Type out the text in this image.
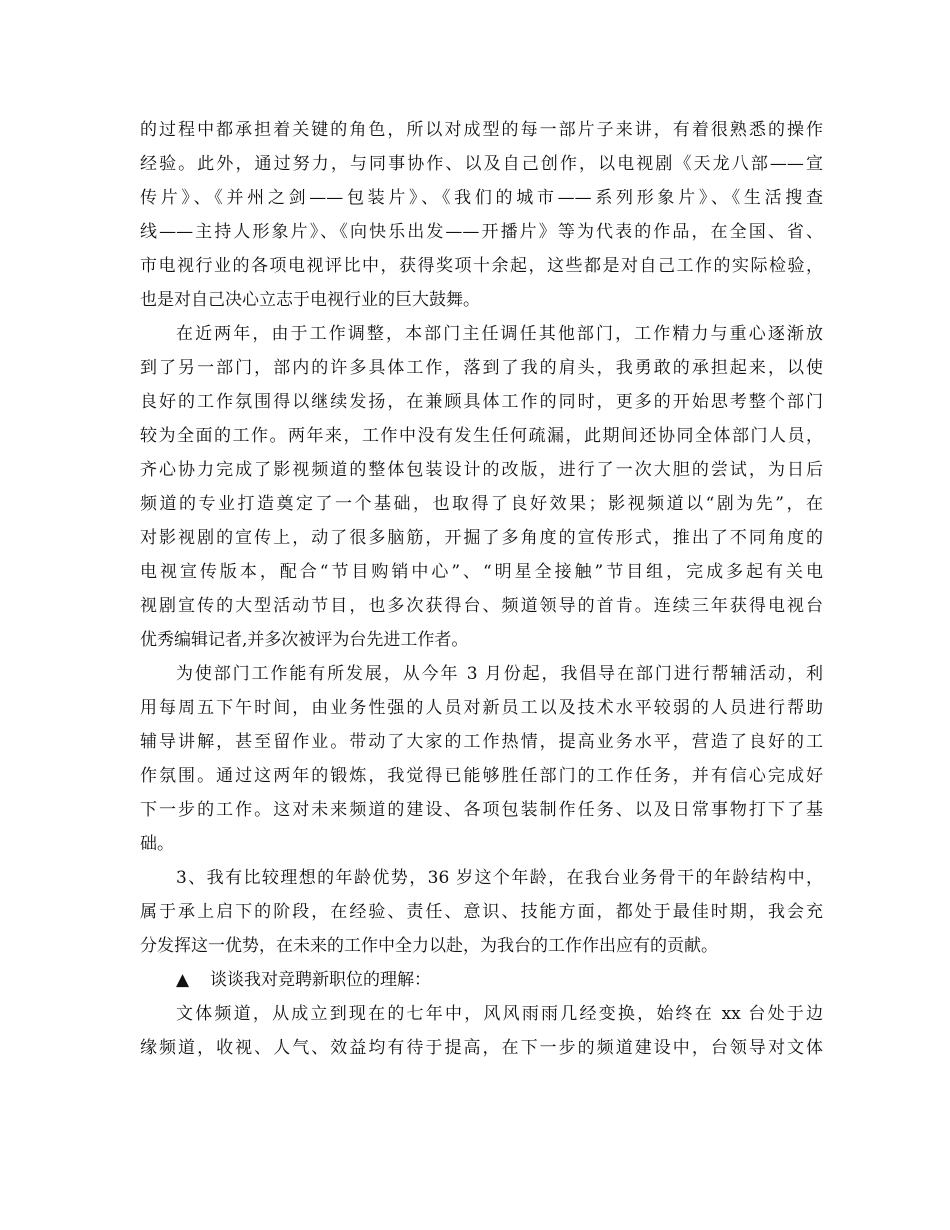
的过程中都承担着关键的角色，所以对成型的每一部片子来讲，有着很熟悉的操作
经验。此外，通过努力，与同事协作、以及自己创作，以电视剧《天龙八部——宣
传片》、《并州之剑——包装片》、《我们的城市——系列形象片》、《生活搜查
线——主持人形象片》、《向快乐出发——开播片》等为代表的作品，在全国、省、
市电视行业的各项电视评比中，获得奖项十余起，这些都是对自己工作的实际检验，
也是对自己决心立志于电视行业的巨大鼓舞。
在近两年，由于工作调整，本部门主任调任其他部门，工作精力与重心逐渐放
到了另一部门，部内的许多具体工作，落到了我的肩头，我勇敢的承担起来，以使
良好的工作氛围得以继续发扬，在兼顾具体工作的同时，更多的开始思考整个部门
较为全面的工作。两年来，工作中没有发生任何疏漏，此期间还协同全体部门人员，
齐心协力完成了影视频道的整体包装设计的改版，进行了一次大胆的尝试，为日后
频道的专业打造奠定了一个基础，也取得了良好效果；影视频道以“剧为先”，在
对影视剧的宣传上，动了很多脑筋，开掘了多角度的宣传形式，推出了不同角度的
电视宣传版本，配合“节目购销中心”、“明星全接触”节目组，完成多起有关电
视剧宣传的大型活动节目，也多次获得台、频道领导的首肯。连续三年获得电视台
优秀编辑记者,并多次被评为台先进工作者。
为使部门工作能有所发展，从今年 3 月份起，我倡导在部门进行帮辅活动，利
用每周五下午时间，由业务性强的人员对新员工以及技术水平较弱的人员进行帮助
辅导讲解，甚至留作业。带动了大家的工作热情，提高业务水平，营造了良好的工
作氛围。通过这两年的锻炼，我觉得已能够胜任部门的工作任务，并有信心完成好
下一步的工作。这对未来频道的建设、各项包装制作任务、以及日常事物打下了基
础。
3、我有比较理想的年龄优势，36 岁这个年龄，在我台业务骨干的年龄结构中，
属于承上启下的阶段，在经验、责任、意识、技能方面，都处于最佳时期，我会充
分发挥这一优势，在未来的工作中全力以赴，为我台的工作作出应有的贡献。
▲ 谈谈我对竞聘新职位的理解：
文体频道，从成立到现在的七年中，风风雨雨几经变换，始终在 xx 台处于边
缘频道，收视、人气、效益均有待于提高，在下一步的频道建设中，台领导对文体
